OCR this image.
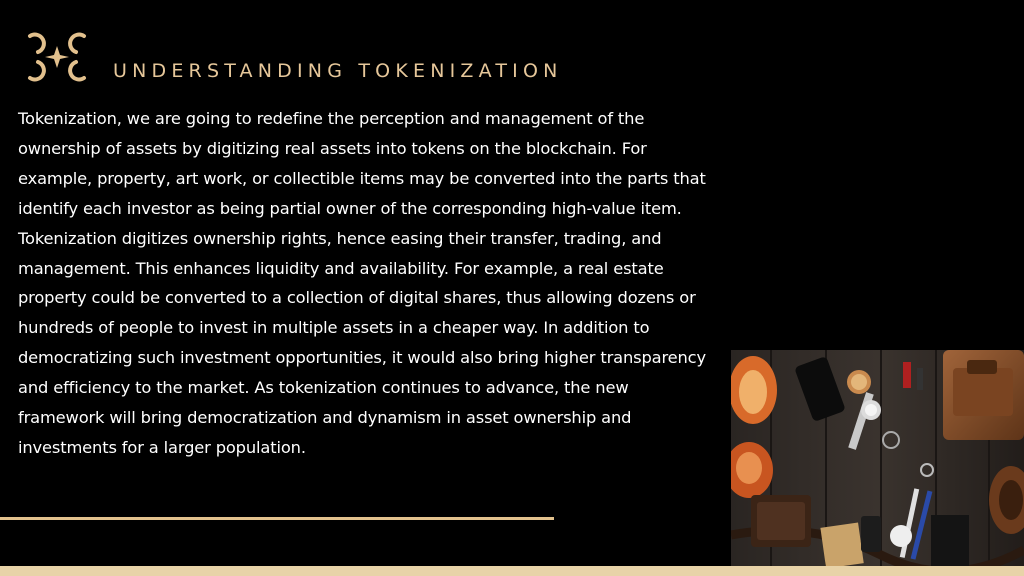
UNDERSTANDING TOKENIZATION

Tokenization, we are going to redefine the perception and management of the ownership of assets by digitizing real assets into tokens on the blockchain. For example, property, art work, or collectible items may be converted into the parts that identify each investor as being partial owner of the corresponding high-value item. Tokenization digitizes ownership rights, hence easing their transfer, trading, and management. This enhances liquidity and availability. For example, a real estate property could be converted to a collection of digital shares, thus allowing dozens or hundreds of people to invest in multiple assets in a cheaper way. In addition to democratizing such investment opportunities, it would also bring higher transparency and efficiency to the market. As tokenization continues to advance, the new framework will bring democratization and dynamism in asset ownership and investments for a larger population.
